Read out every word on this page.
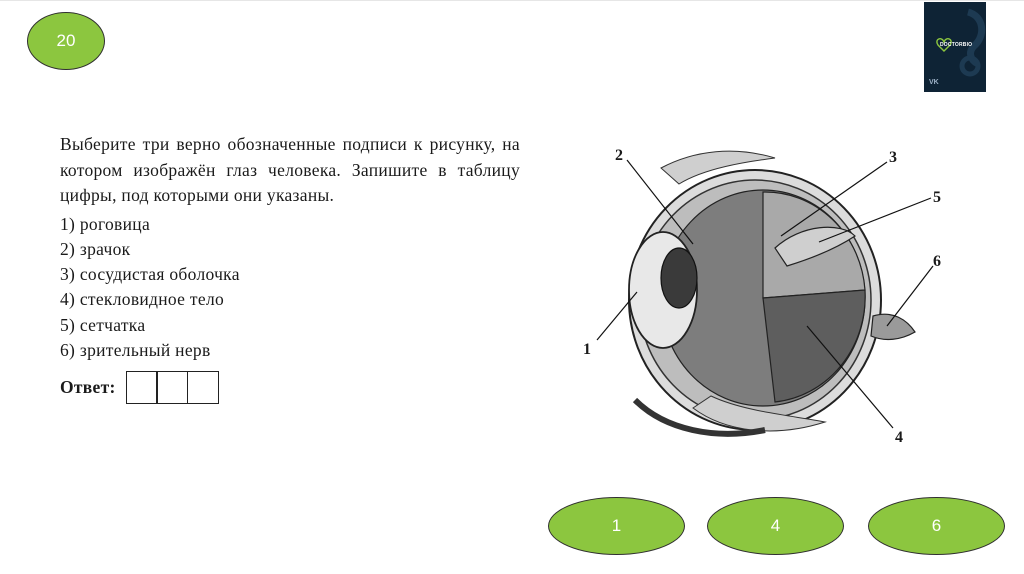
20	DOCTORBIO
VK

Выберите три верно обозначенные подписи к рисунку, на котором изображён глаз человека. Запишите в таблицу цифры, под которыми они указаны.

1) роговица
2) зрачок
3) сосудистая оболочка
4) стекловидное тело
5) сетчатка
6) зрительный нерв
Ответ:
2	3
5
6
1
4
1	4	6
